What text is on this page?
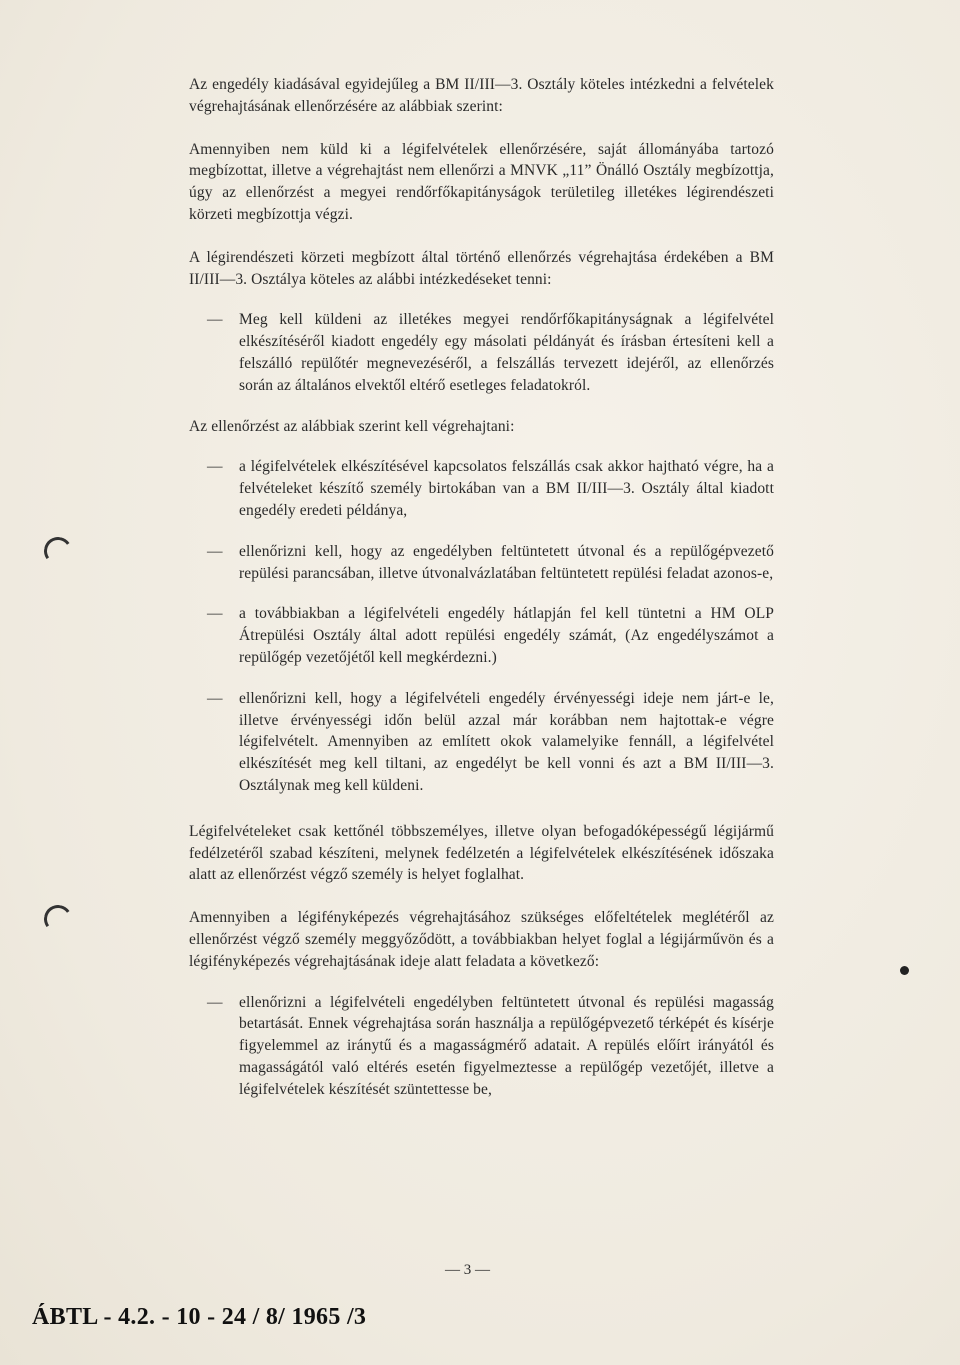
Az engedély kiadásával egyidejűleg a BM II/III—3. Osztály köteles intézkedni a felvételek végrehajtásának ellenőrzésére az alábbiak szerint:

Amennyiben nem küld ki a légifelvételek ellenőrzésére, saját állományába tartozó megbízottat, illetve a végrehajtást nem ellenőrzi a MNVK „11” Önálló Osztály megbízottja, úgy az ellenőrzést a megyei rendőrfőkapitányságok területileg illetékes légirendészeti körzeti megbízottja végzi.

A légirendészeti körzeti megbízott által történő ellenőrzés végrehajtása érdekében a BM II/III—3. Osztálya köteles az alábbi intézkedéseket tenni:

— Meg kell küldeni az illetékes megyei rendőrfőkapitányságnak a légifelvétel elkészítéséről kiadott engedély egy másolati példányát és írásban értesíteni kell a felszálló repülőtér megnevezéséről, a felszállás tervezett idejéről, az ellenőrzés során az általános elvektől eltérő esetleges feladatokról.

Az ellenőrzést az alábbiak szerint kell végrehajtani:

— a légifelvételek elkészítésével kapcsolatos felszállás csak akkor hajtható végre, ha a felvételeket készítő személy birtokában van a BM II/III—3. Osztály által kiadott engedély eredeti példánya,
— ellenőrizni kell, hogy az engedélyben feltüntetett útvonal és a repülőgépvezető repülési parancsában, illetve útvonalvázlatában feltüntetett repülési feladat azonos-e,
— a továbbiakban a légifelvételi engedély hátlapján fel kell tüntetni a HM OLP Átrepülési Osztály által adott repülési engedély számát, (Az engedélyszámot a repülőgép vezetőjétől kell megkérdezni.)
— ellenőrizni kell, hogy a légifelvételi engedély érvényességi ideje nem járt-e le, illetve érvényességi időn belül azzal már korábban nem hajtottak-e végre légifelvételt. Amennyiben az említett okok valamelyike fennáll, a légifelvétel elkészítését meg kell tiltani, az engedélyt be kell vonni és azt a BM II/III—3. Osztálynak meg kell küldeni.

Légifelvételeket csak kettőnél többszemélyes, illetve olyan befogadóképességű légijármű fedélzetéről szabad készíteni, melynek fedélzetén a légifelvételek elkészítésének időszaka alatt az ellenőrzést végző személy is helyet foglalhat.

Amennyiben a légifényképezés végrehajtásához szükséges előfeltételek meglétéről az ellenőrzést végző személy meggyőződött, a továbbiakban helyet foglal a légijárművön és a légifényképezés végrehajtásának ideje alatt feladata a következő:

— ellenőrizni a légifelvételi engedélyben feltüntetett útvonal és repülési magasság betartását. Ennek végrehajtása során használja a repülőgépvezető térképét és kísérje figyelemmel az iránytű és a magasságmérő adatait. A repülés előírt irányától és magasságától való eltérés esetén figyelmeztesse a repülőgép vezetőjét, illetve a légifelvételek készítését szüntettesse be,
— 3 —
ÁBTL - 4.2. - 10 - 24 / 8/ 1965 /3
